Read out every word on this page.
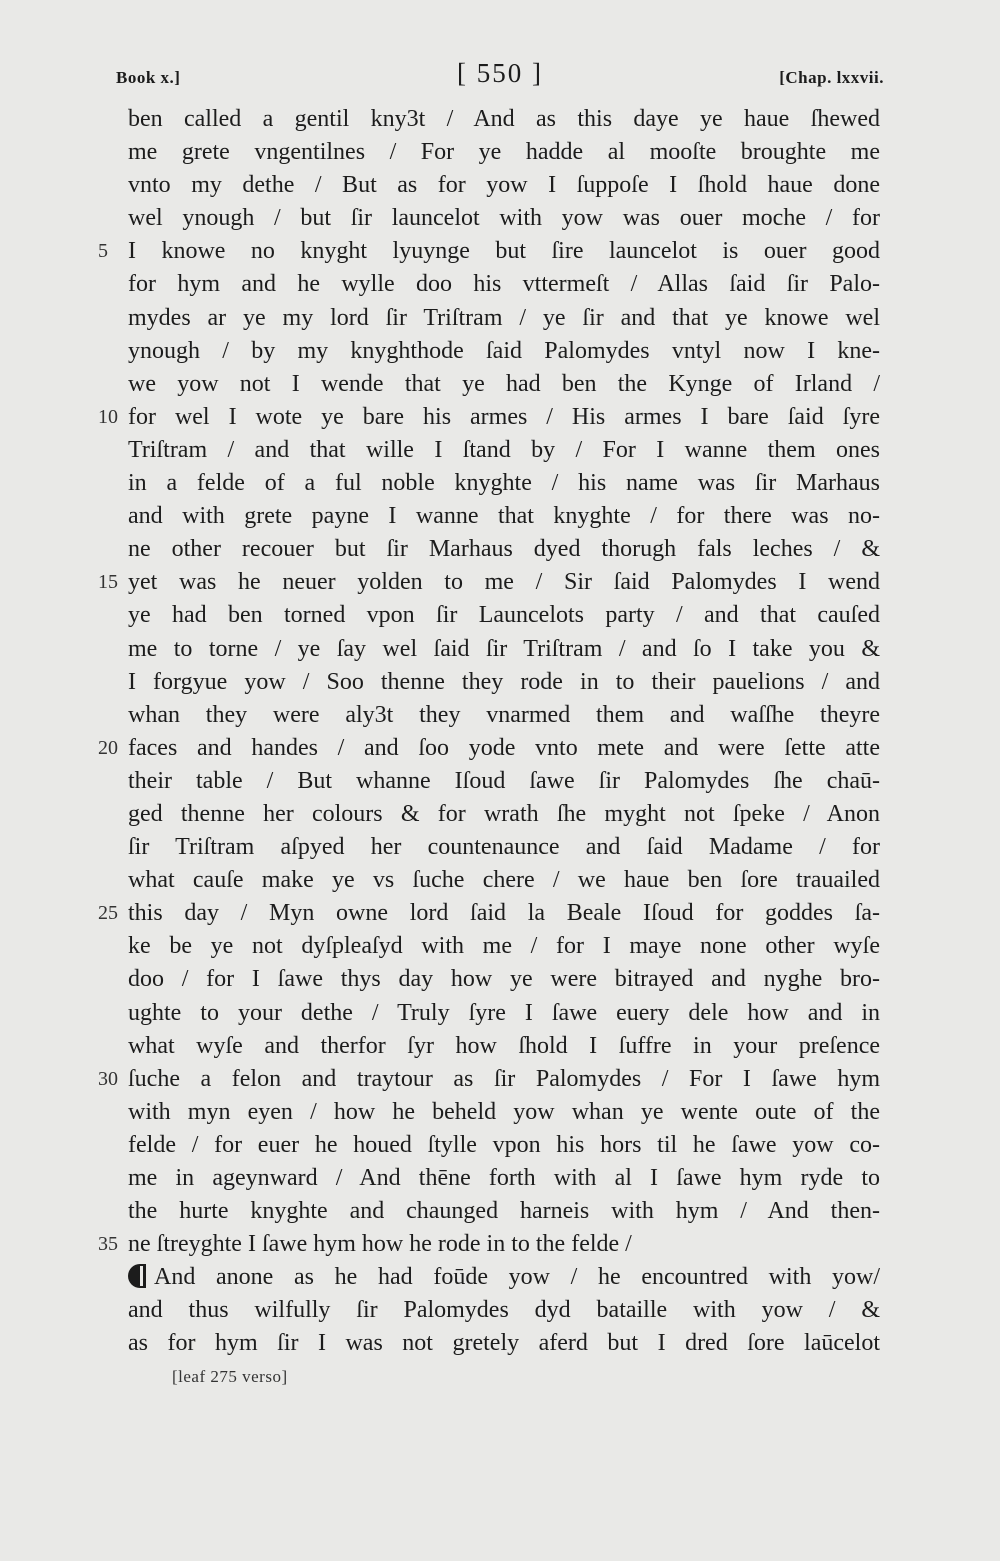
Book x.]	[ 550 ]	[Chap. lxxvii.
ben called a gentil kny3t / And as this daye ye haue ſhewed
me grete vngentilnes / For ye hadde al mooſte broughte me
vnto my dethe / But as for yow I ſuppoſe I ſhold haue done
wel ynough / but ſir launcelot with yow was ouer moche / for
5 I knowe no knyght lyuynge but ſire launcelot is ouer good
for hym and he wylle doo his vttermeſt / Allas ſaid ſir Palo-
mydes ar ye my lord ſir Triſtram / ye ſir and that ye knowe wel
ynough / by my knyghthode ſaid Palomydes vntyl now I kne-
we yow not I wende that ye had ben the Kynge of Irland /
10 for wel I wote ye bare his armes / His armes I bare ſaid ſyre
Triſtram / and that wille I ſtand by / For I wanne them ones
in a felde of a ful noble knyghte / his name was ſir Marhaus
and with grete payne I wanne that knyghte / for there was no-
ne other recouer but ſir Marhaus dyed thorugh fals leches / &
15 yet was he neuer yolden to me / Sir ſaid Palomydes I wend
ye had ben torned vpon ſir Launcelots party / and that cauſed
me to torne / ye ſay wel ſaid ſir Triſtram / and ſo I take you &
I forgyue yow / Soo thenne they rode in to their pauelions / and
whan they were aly3t they vnarmed them and waſſhe theyre
20 faces and handes / and ſoo yode vnto mete and were ſette atte
their table / But whanne Iſoud ſawe ſir Palomydes ſhe chaū-
ged thenne her colours & for wrath ſhe myght not ſpeke / Anon
ſir Triſtram aſpyed her countenaunce and ſaid Madame / for
what cauſe make ye vs ſuche chere / we haue ben ſore trauailed
25 this day / Myn owne lord ſaid la Beale Iſoud for goddes ſa-
ke be ye not dyſpleaſyd with me / for I maye none other wyſe
doo / for I ſawe thys day how ye were bitrayed and nyghe bro-
ughte to your dethe / Truly ſyre I ſawe euery dele how and in
what wyſe and therfor ſyr how ſhold I ſuffre in your preſence
30 ſuche a felon and traytour as ſir Palomydes / For I ſawe hym
with myn eyen / how he beheld yow whan ye wente oute of the
felde / for euer he houed ſtylle vpon his hors til he ſawe yow co-
me in ageynward / And thēne forth with al I ſawe hym ryde to
the hurte knyghte and chaunged harneis with hym / And then-
35 ne ſtreyghte I ſawe hym how he rode in to the felde /
And anone as he had foūde yow / he encountred with yow/
and thus wilfully ſir Palomydes dyd bataille with yow / &
as for hym ſir I was not gretely aferd but I dred ſore laūcelot
[leaf 275 verso]
